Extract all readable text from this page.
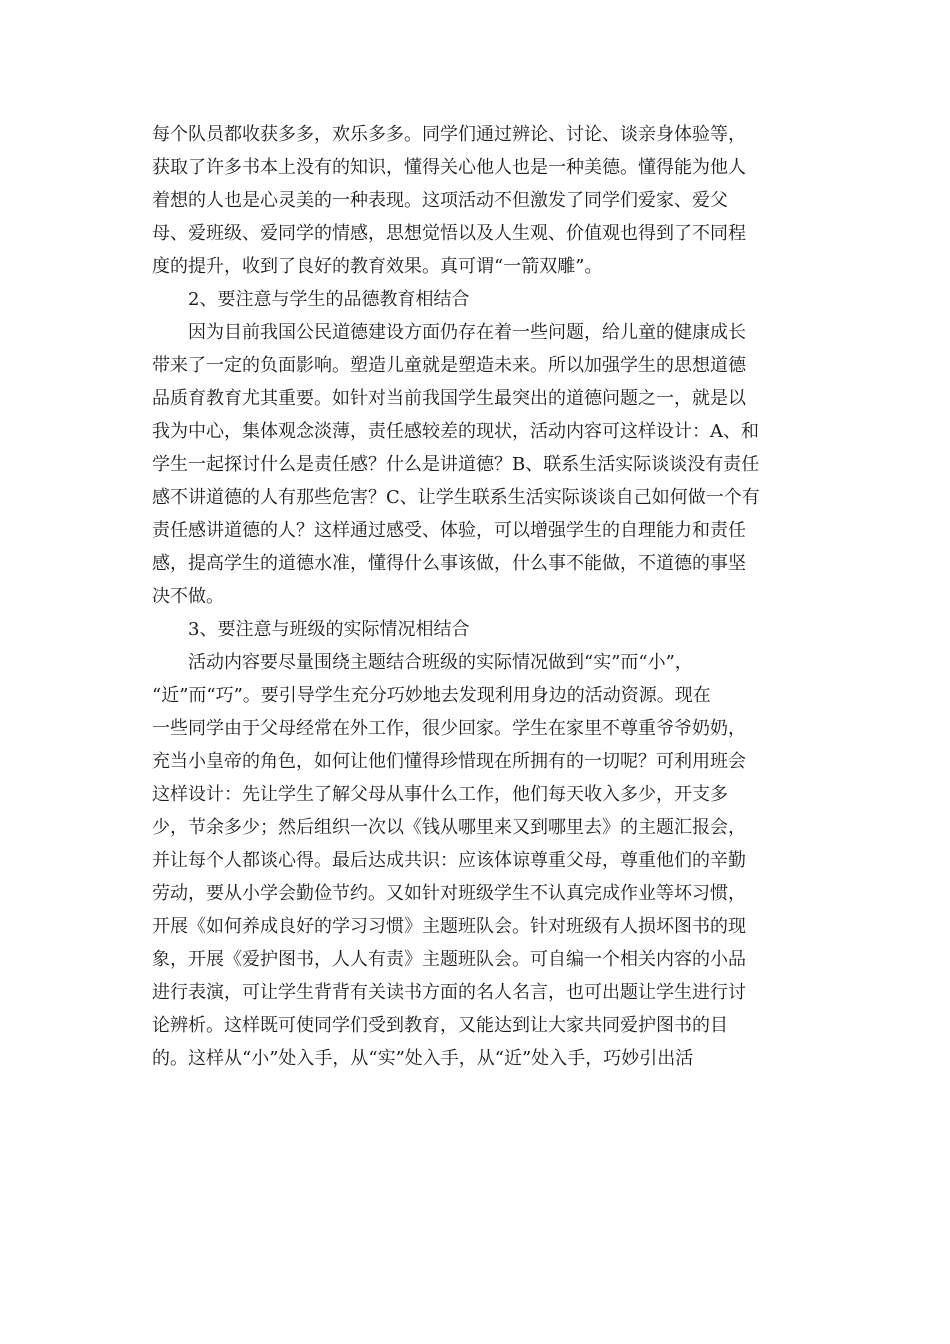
每个队员都收获多多，欢乐多多。同学们通过辨论、讨论、谈亲身体验等，
获取了许多书本上没有的知识，懂得关心他人也是一种美德。懂得能为他人
着想的人也是心灵美的一种表现。这项活动不但激发了同学们爱家、爱父
母、爱班级、爱同学的情感，思想觉悟以及人生观、价值观也得到了不同程
度的提升，收到了良好的教育效果。真可谓“一箭双雕”。
2、要注意与学生的品德教育相结合
因为目前我国公民道德建设方面仍存在着一些问题，给儿童的健康成长
带来了一定的负面影响。塑造儿童就是塑造未来。所以加强学生的思想道德
品质育教育尤其重要。如针对当前我国学生最突出的道德问题之一，就是以
我为中心，集体观念淡薄，责任感较差的现状，活动内容可这样设计：A、和
学生一起探讨什么是责任感？什么是讲道德？B、联系生活实际谈谈没有责任
感不讲道德的人有那些危害？C、让学生联系生活实际谈谈自己如何做一个有
责任感讲道德的人？这样通过感受、体验，可以增强学生的自理能力和责任
感，提高学生的道德水准，懂得什么事该做，什么事不能做，不道德的事坚
决不做。
3、要注意与班级的实际情况相结合
活动内容要尽量围绕主题结合班级的实际情况做到“实”而“小”，
“近”而“巧”。要引导学生充分巧妙地去发现利用身边的活动资源。现在
一些同学由于父母经常在外工作，很少回家。学生在家里不尊重爷爷奶奶，
充当小皇帝的角色，如何让他们懂得珍惜现在所拥有的一切呢？可利用班会
这样设计：先让学生了解父母从事什么工作，他们每天收入多少，开支多
少，节余多少；然后组织一次以《钱从哪里来又到哪里去》的主题汇报会，
并让每个人都谈心得。最后达成共识：应该体谅尊重父母，尊重他们的辛勤
劳动，要从小学会勤俭节约。又如针对班级学生不认真完成作业等坏习惯，
开展《如何养成良好的学习习惯》主题班队会。针对班级有人损坏图书的现
象，开展《爱护图书，人人有责》主题班队会。可自编一个相关内容的小品
进行表演，可让学生背背有关读书方面的名人名言，也可出题让学生进行讨
论辨析。这样既可使同学们受到教育，又能达到让大家共同爱护图书的目
的。这样从“小”处入手，从“实”处入手，从“近”处入手，巧妙引出活
